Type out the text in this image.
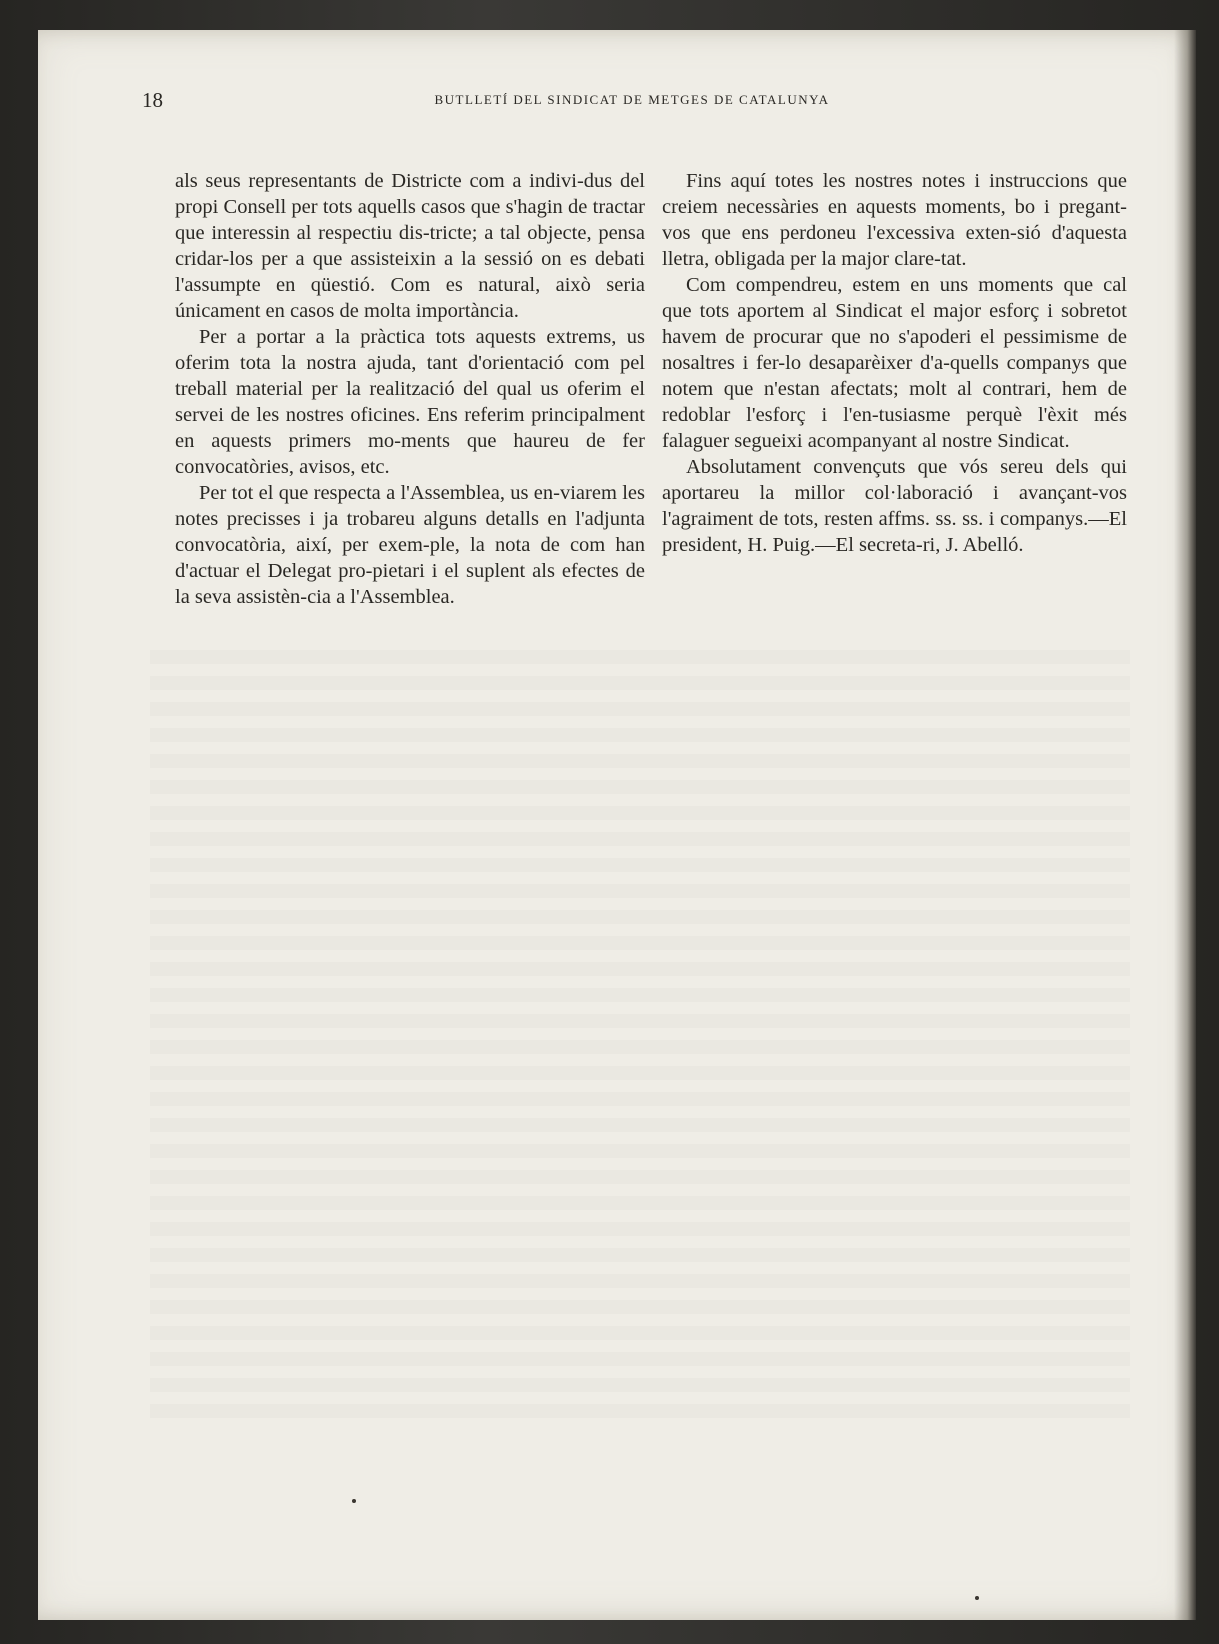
18	BUTLLETÍ DEL SINDICAT DE METGES DE CATALUNYA

als seus representants de Districte com a indivi-dus del propi Consell per tots aquells casos que s'hagin de tractar que interessin al respectiu dis-tricte; a tal objecte, pensa cridar-los per a que assisteixin a la sessió on es debati l'assumpte en qüestió. Com es natural, això seria únicament en casos de molta importància.

Per a portar a la pràctica tots aquests extrems, us oferim tota la nostra ajuda, tant d'orientació com pel treball material per la realització del qual us oferim el servei de les nostres oficines. Ens referim principalment en aquests primers mo-ments que haureu de fer convocatòries, avisos, etc.

Per tot el que respecta a l'Assemblea, us en-viarem les notes precisses i ja trobareu alguns detalls en l'adjunta convocatòria, així, per exem-ple, la nota de com han d'actuar el Delegat pro-pietari i el suplent als efectes de la seva assistèn-cia a l'Assemblea.

Fins aquí totes les nostres notes i instruccions que creiem necessàries en aquests moments, bo i pregant-vos que ens perdoneu l'excessiva exten-sió d'aquesta lletra, obligada per la major clare-tat.

Com compendreu, estem en uns moments que cal que tots aportem al Sindicat el major esforç i sobretot havem de procurar que no s'apoderi el pessimisme de nosaltres i fer-lo desaparèixer d'a-quells companys que notem que n'estan afectats; molt al contrari, hem de redoblar l'esforç i l'en-tusiasme perquè l'èxit més falaguer segueixi acompanyant al nostre Sindicat.

Absolutament convençuts que vós sereu dels qui aportareu la millor col·laboració i avançant-vos l'agraiment de tots, resten affms. ss. ss. i companys.—El president, H. Puig.—El secreta-ri, J. Abelló.
